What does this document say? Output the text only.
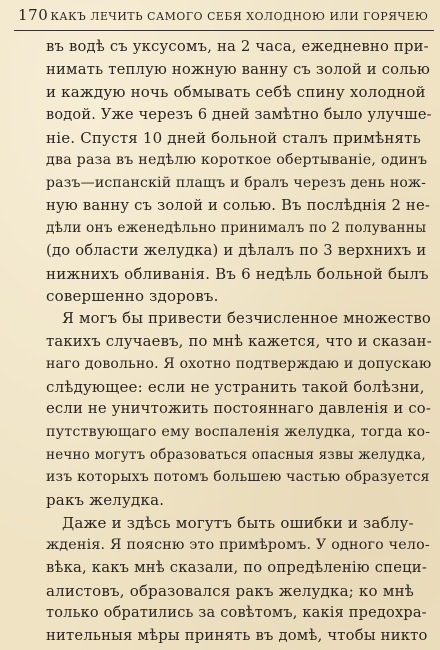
170 КАКЪ ЛЕЧИТЬ САМОГО СЕБЯ ХОЛОДНОЮ ИЛИ ГОРЯЧЕЮ
въ водѣ съ уксусомъ, на 2 часа, ежедневно при-
нимать теплую ножную ванну съ золой и солью
и каждую ночь обмывать себѣ спину холодной
водой. Уже черезъ 6 дней замѣтно было улучше-
ніе. Спустя 10 дней больной сталъ примѣнять
два раза въ недѣлю короткое обертываніе, одинъ
разъ—испанскій плащъ и бралъ черезъ день нож-
ную ванну съ золой и солью. Въ послѣднія 2 не-
дѣли онъ еженедѣльно принималъ по 2 полуванны
(до области желудка) и дѣлалъ по 3 верхнихъ и
нижнихъ обливанія. Въ 6 недѣль больной былъ
совершенно здоровъ.
Я могъ бы привести безчисленное множество
такихъ случаевъ, по мнѣ кажется, что и сказан-
наго довольно. Я охотно подтверждаю и допускаю
слѣдующее: если не устранить такой болѣзни,
если не уничтожить постояннаго давленія и со-
путствующаго ему воспаленія желудка, тогда ко-
нечно могутъ образоваться опасныя язвы желудка,
изъ которыхъ потомъ большею частью образуется
ракъ желудка.
Даже и здѣсь могутъ быть ошибки и заблу-
жденія. Я поясню это примѣромъ. У одного чело-
вѣка, какъ мнѣ сказали, по опредѣленію специ-
алистовъ, образовался ракъ желудка; ко мнѣ
только обратились за совѣтомъ, какія предохра-
нительныя мѣры принять въ домѣ, чтобы никто
